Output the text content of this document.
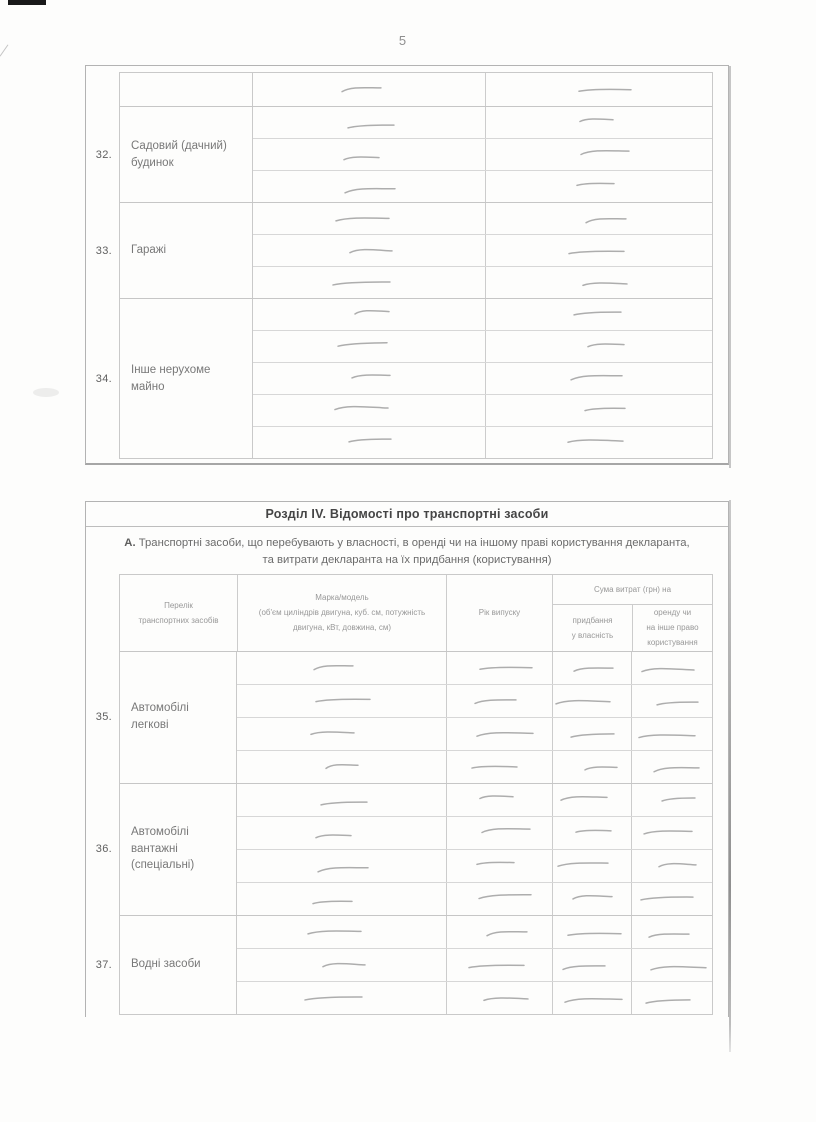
5
32.
Садовий (дачний) будинок
33. Гаражі
34.
Інше нерухоме майно
Розділ IV. Відомості про транспортні засоби
А. Транспортні засоби, що перебувають у власності, в оренді чи на іншому праві користування декларанта, та витрати декларанта на їх придбання (користування)
Перелік
транспортних засобів
Марка/модель
(об'єм циліндрів двигуна, куб. см, потужність двигуна, кВт, довжина, см)
Рік випуску
Сума витрат (грн) на
придбання
у власність
оренду чи
на інше право
користування
35.
Автомобілі легкові
36.
Автомобілі вантажні (спеціальні)
37. Водні засоби
